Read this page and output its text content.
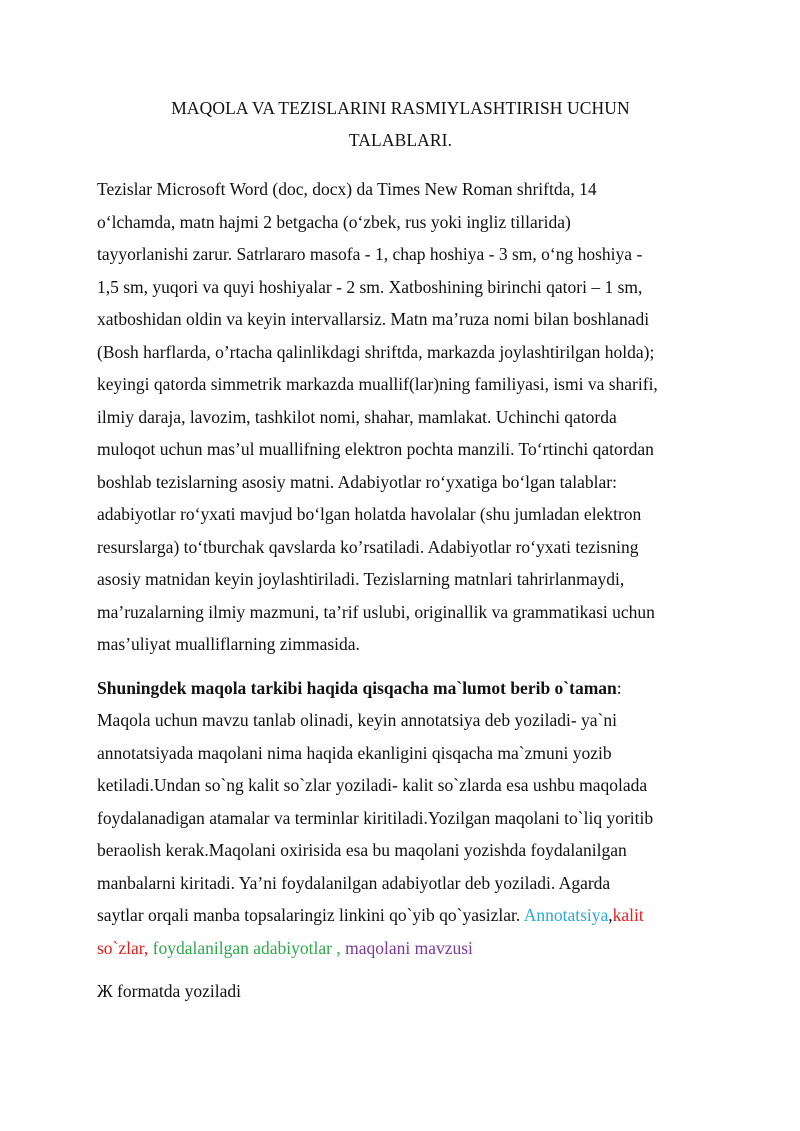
MAQOLA VA TEZISLARINI RASMIYLASHTIRISH UCHUN
TALABLARI.

Tezislar Microsoft Word (doc, docx) da Times New Roman shriftda, 14
o‘lchamda, matn hajmi 2 betgacha (o‘zbek, rus yoki ingliz tillarida)
tayyorlanishi zarur. Satrlararo masofa - 1, chap hoshiya - 3 sm, o‘ng hoshiya -
1,5 sm, yuqori va quyi hoshiyalar - 2 sm. Xatboshining birinchi qatori – 1 sm,
xatboshidan oldin va keyin intervallarsiz. Matn ma’ruza nomi bilan boshlanadi
(Bosh harflarda, o’rtacha qalinlikdagi shriftda, markazda joylashtirilgan holda);
keyingi qatorda simmetrik markazda muallif(lar)ning familiyasi, ismi va sharifi,
ilmiy daraja, lavozim, tashkilot nomi, shahar, mamlakat. Uchinchi qatorda
muloqot uchun mas’ul muallifning elektron pochta manzili. To‘rtinchi qatordan
boshlab tezislarning asosiy matni. Adabiyotlar ro‘yxatiga bo‘lgan talablar:
adabiyotlar ro‘yxati mavjud bo‘lgan holatda havolalar (shu jumladan elektron
resurslarga) to‘tburchak qavslarda ko’rsatiladi. Adabiyotlar ro‘yxati tezisning
asosiy matnidan keyin joylashtiriladi. Tezislarning matnlari tahrirlanmaydi,
ma’ruzalarning ilmiy mazmuni, ta’rif uslubi, originallik va grammatikasi uchun
mas’uliyat mualliflarning zimmasida.

Shuningdek maqola tarkibi haqida qisqacha ma`lumot berib o`taman:
Maqola uchun mavzu tanlab olinadi, keyin annotatsiya deb yoziladi- ya`ni
annotatsiyada maqolani nima haqida ekanligini qisqacha ma`zmuni yozib
ketiladi.Undan so`ng kalit so`zlar yoziladi- kalit so`zlarda esa ushbu maqolada
foydalanadigan atamalar va terminlar kiritiladi.Yozilgan maqolani to`liq yoritib
beraolish kerak.Maqolani oxirisida esa bu maqolani yozishda foydalanilgan
manbalarni kiritadi. Ya’ni foydalanilgan adabiyotlar deb yoziladi. Agarda
saytlar orqali manba topsalaringiz linkini qo`yib qo`yasizlar. Annotatsiya,kalit
so`zlar, foydalanilgan adabiyotlar , maqolani mavzusi

Ж formatda yoziladi
